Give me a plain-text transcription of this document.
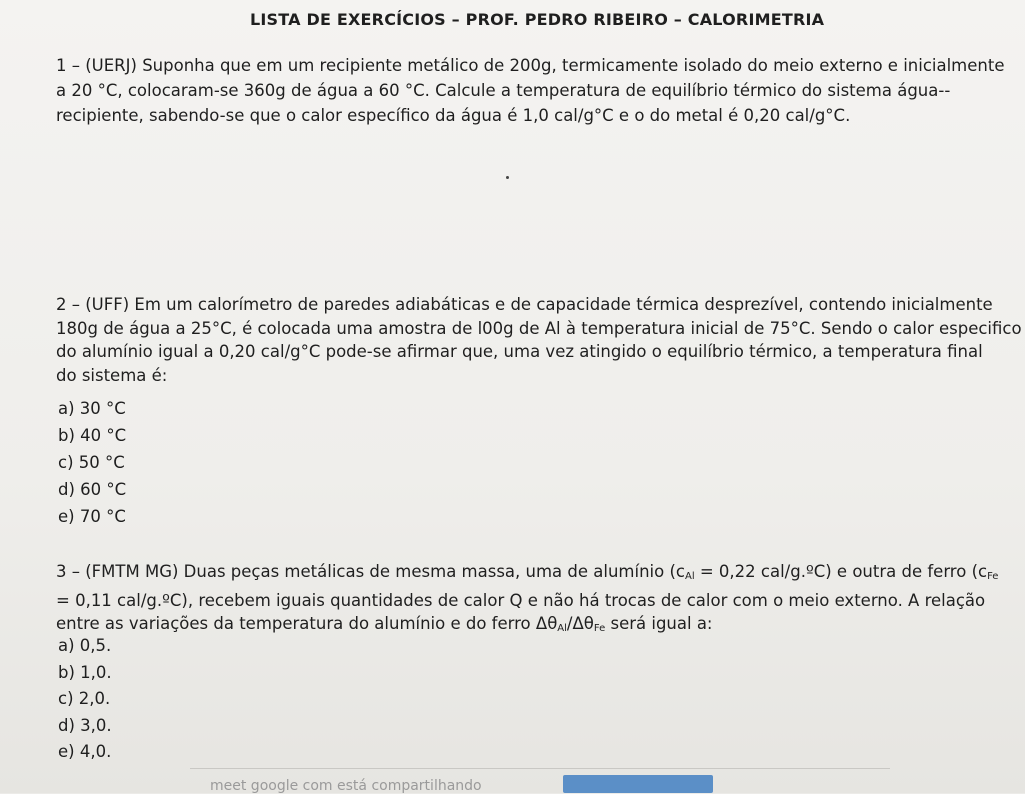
LISTA DE EXERCÍCIOS – PROF. PEDRO RIBEIRO – CALORIMETRIA
1 – (UERJ) Suponha que em um recipiente metálico de 200g, termicamente isolado do meio externo e inicialmente
a 20 °C, colocaram-se 360g de água a 60 °C. Calcule a temperatura de equilíbrio térmico do sistema água--
recipiente, sabendo-se que o calor específico da água é 1,0 cal/g°C e o do metal é 0,20 cal/g°C.
2 – (UFF) Em um calorímetro de paredes adiabáticas e de capacidade térmica desprezível, contendo inicialmente
180g de água a 25°C, é colocada uma amostra de l00g de Al à temperatura inicial de 75°C. Sendo o calor especifico
do alumínio igual a 0,20 cal/g°C pode-se afirmar que, uma vez atingido o equilíbrio térmico, a temperatura final
do sistema é:
a) 30 °C
b) 40 °C
c) 50 °C
d) 60 °C
e) 70 °C
3 – (FMTM MG) Duas peças metálicas de mesma massa, uma de alumínio ($c_{Al} = 0,22$ cal/g.ºC) e outra de ferro ($c_{Fe}$
= 0,11 cal/g.ºC), recebem iguais quantidades de calor Q e não há trocas de calor com o meio externo. A relação
entre as variações da temperatura do alumínio e do ferro $\Delta\theta_{Al}/\Delta\theta_{Fe}$ será igual a:
a) 0,5.
b) 1,0.
c) 2,0.
d) 3,0.
e) 4,0.
meet google com está compartilhando
